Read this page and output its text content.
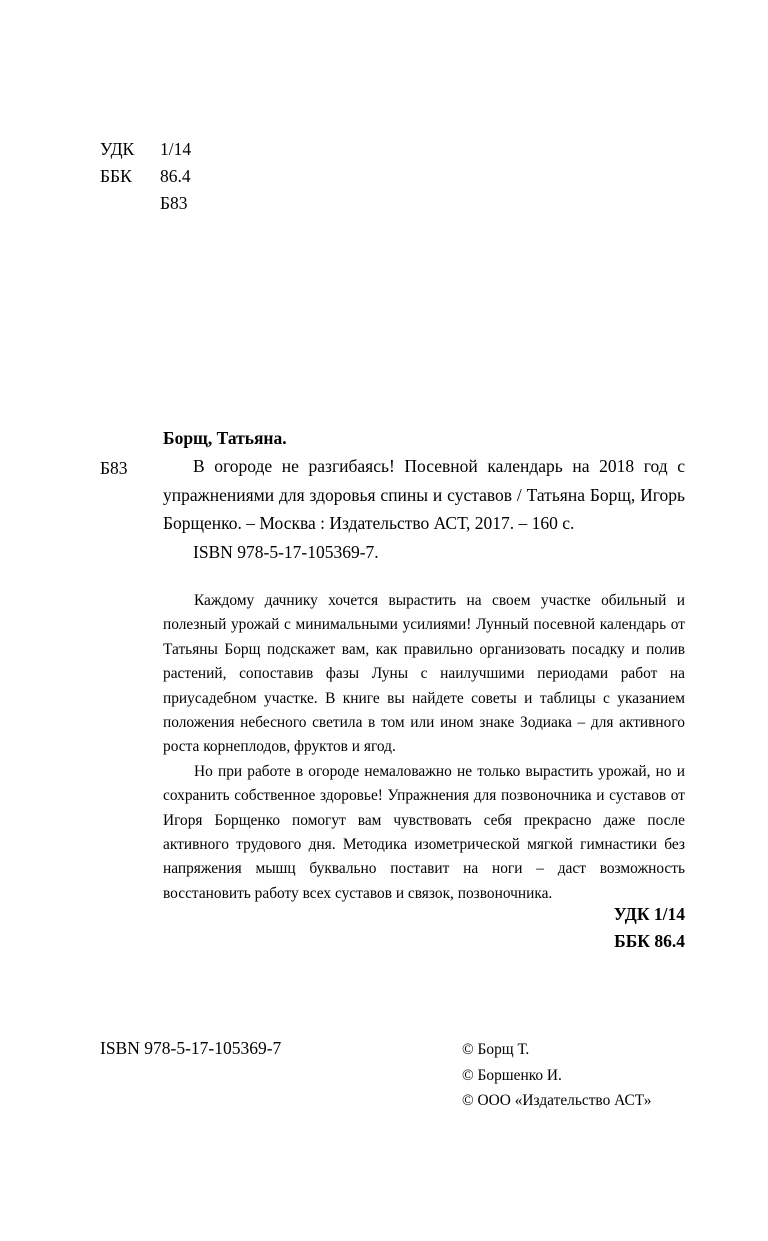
УДК 1/14
ББК 86.4
Б83
Б83

Борщ, Татьяна.

В огороде не разгибаясь! Посевной календарь на 2018 год с упражнениями для здоровья спины и суставов / Татьяна Борщ, Игорь Борщенко. – Москва : Издательство АСТ, 2017. – 160 с.

ISBN 978-5-17-105369-7.

Каждому дачнику хочется вырастить на своем участке обильный и полезный урожай с минимальными усилиями! Лунный посевной календарь от Татьяны Борщ подскажет вам, как правильно организовать посадку и полив растений, сопоставив фазы Луны с наилучшими периодами работ на приусадебном участке. В книге вы найдете советы и таблицы с указанием положения небесного светила в том или ином знаке Зодиака – для активного роста корнеплодов, фруктов и ягод.

Но при работе в огороде немаловажно не только вырастить урожай, но и сохранить собственное здоровье! Упражнения для позвоночника и суставов от Игоря Борщенко помогут вам чувствовать себя прекрасно даже после активного трудового дня. Методика изометрической мягкой гимнастики без напряжения мышц буквально поставит на ноги – даст возможность восстановить работу всех суставов и связок, позвоночника.

УДК 1/14
ББК 86.4
ISBN 978-5-17-105369-7	© Борщ Т.
© Боршенко И.
© ООО «Издательство АСТ»
